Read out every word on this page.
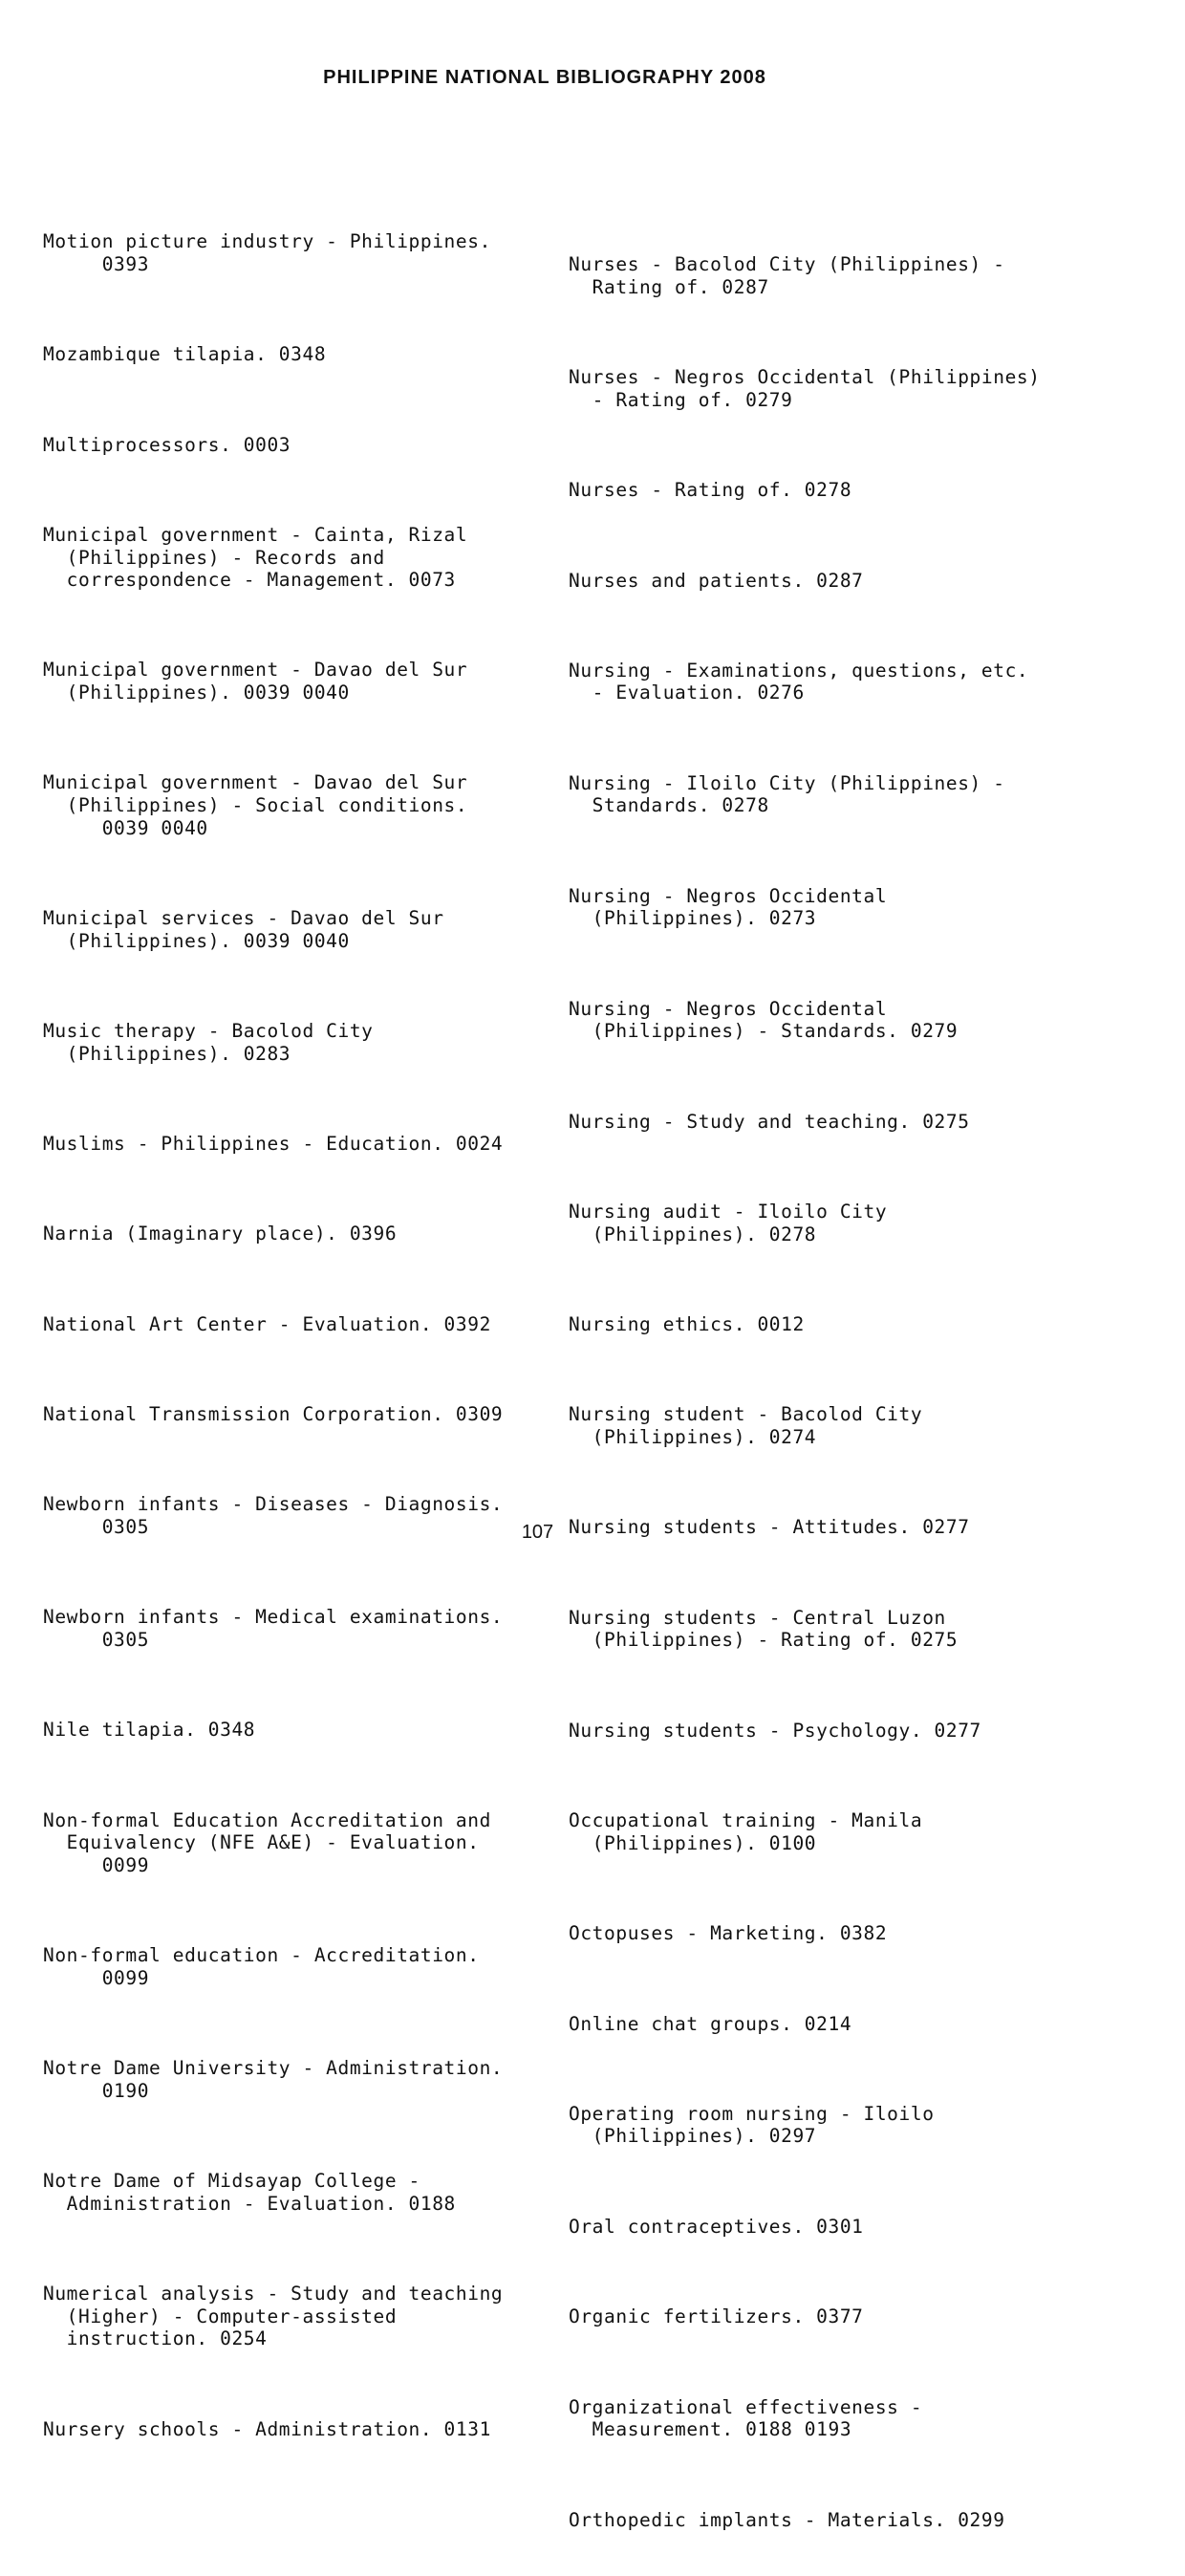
PHILIPPINE NATIONAL BIBLIOGRAPHY 2008

Motion picture industry - Philippines.
0393

Mozambique tilapia. 0348

Multiprocessors. 0003

Municipal government - Cainta, Rizal
(Philippines) - Records and
correspondence - Management. 0073

Municipal government - Davao del Sur
(Philippines). 0039 0040

Municipal government - Davao del Sur
(Philippines) - Social conditions.
0039 0040

Municipal services - Davao del Sur
(Philippines). 0039 0040

Music therapy - Bacolod City
(Philippines). 0283

Muslims - Philippines - Education. 0024

Narnia (Imaginary place). 0396

National Art Center - Evaluation. 0392

National Transmission Corporation. 0309

Newborn infants - Diseases - Diagnosis.
0305

Newborn infants - Medical examinations.
0305

Nile tilapia. 0348

Non-formal Education Accreditation and
Equivalency (NFE A&E) - Evaluation.
0099

Non-formal education - Accreditation.
0099

Notre Dame University - Administration.
0190

Notre Dame of Midsayap College -
Administration - Evaluation. 0188

Numerical analysis - Study and teaching
(Higher) - Computer-assisted
instruction. 0254

Nursery schools - Administration. 0131

Nurses - Bacolod City (Philippines) -
Rating of. 0287

Nurses - Negros Occidental (Philippines)
- Rating of. 0279

Nurses - Rating of. 0278

Nurses and patients. 0287

Nursing - Examinations, questions, etc.
- Evaluation. 0276

Nursing - Iloilo City (Philippines) -
Standards. 0278

Nursing - Negros Occidental
(Philippines). 0273

Nursing - Negros Occidental
(Philippines) - Standards. 0279

Nursing - Study and teaching. 0275

Nursing audit - Iloilo City
(Philippines). 0278

Nursing ethics. 0012

Nursing student - Bacolod City
(Philippines). 0274

Nursing students - Attitudes. 0277

Nursing students - Central Luzon
(Philippines) - Rating of. 0275

Nursing students - Psychology. 0277

Occupational training - Manila
(Philippines). 0100

Octopuses - Marketing. 0382

Online chat groups. 0214

Operating room nursing - Iloilo
(Philippines). 0297

Oral contraceptives. 0301

Organic fertilizers. 0377

Organizational effectiveness -
Measurement. 0188 0193

Orthopedic implants - Materials. 0299

107
